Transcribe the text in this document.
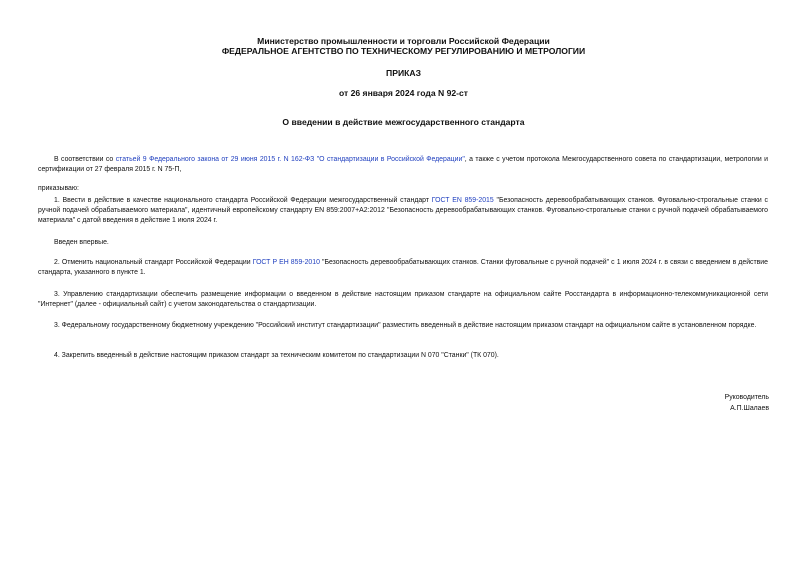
Министерство промышленности и торговли Российской Федерации
ФЕДЕРАЛЬНОЕ АГЕНТСТВО ПО ТЕХНИЧЕСКОМУ РЕГУЛИРОВАНИЮ И МЕТРОЛОГИИ
ПРИКАЗ
от 26 января 2024 года N 92-ст
О введении в действие межгосударственного стандарта

В соответствии со статьей 9 Федерального закона от 29 июня 2015 г. N 162-ФЗ "О стандартизации в Российской Федерации", а также с учетом протокола Межгосударственного совета по стандартизации, метрологии и сертификации от 27 февраля 2015 г. N 75-П,

приказываю:

1. Ввести в действие в качестве национального стандарта Российской Федерации межгосударственный стандарт ГОСТ EN 859-2015 "Безопасность деревообрабатывающих станков. Фуговально-строгальные станки с ручной подачей обрабатываемого материала", идентичный европейскому стандарту EN 859:2007+A2:2012 "Безопасность деревообрабатывающих станков. Фуговально-строгальные станки с ручной подачей обрабатываемого материала" с датой введения в действие 1 июля 2024 г.

Введен впервые.

2. Отменить национальный стандарт Российской Федерации ГОСТ Р ЕН 859-2010 "Безопасность деревообрабатывающих станков. Станки фуговальные с ручной подачей" с 1 июля 2024 г. в связи с введением в действие стандарта, указанного в пункте 1.

3. Управлению стандартизации обеспечить размещение информации о введенном в действие настоящим приказом стандарте на официальном сайте Росстандарта в информационно-телекоммуникационной сети "Интернет" (далее - официальный сайт) с учетом законодательства о стандартизации.

3. Федеральному государственному бюджетному учреждению "Российский институт стандартизации" разместить введенный в действие настоящим приказом стандарт на официальном сайте в установленном порядке.

4. Закрепить введенный в действие настоящим приказом стандарт за техническим комитетом по стандартизации N 070 "Станки" (ТК 070).

Руководитель
А.П.Шалаев
